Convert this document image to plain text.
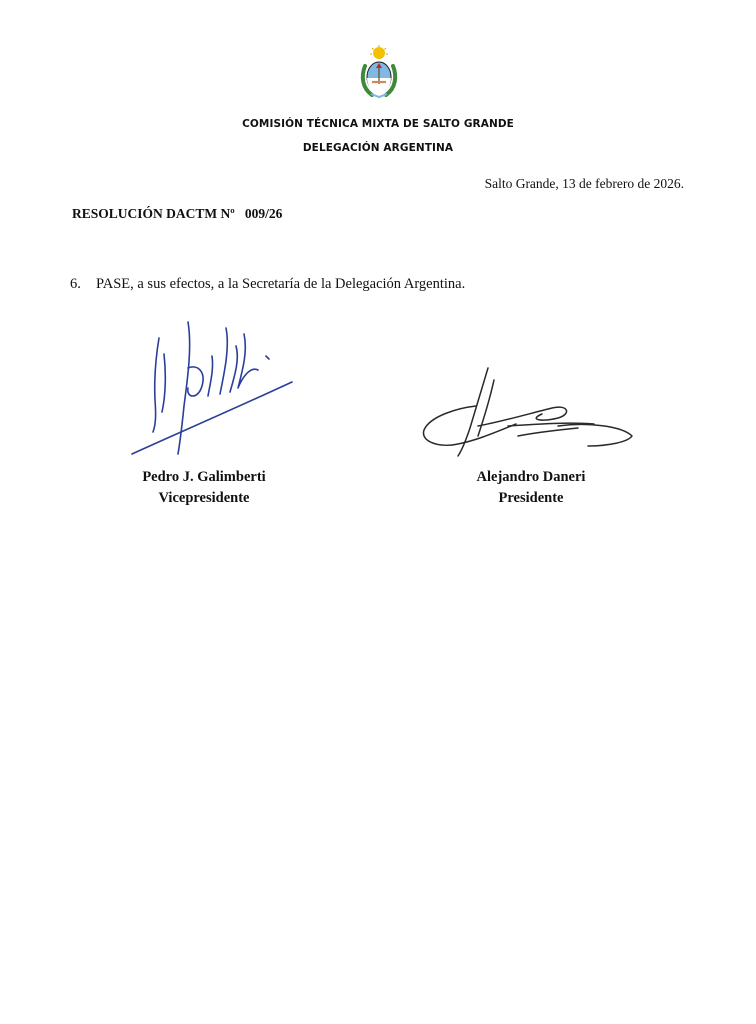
COMISIÓN TÉCNICA MIXTA DE SALTO GRANDE
DELEGACIÓN ARGENTINA
Salto Grande, 13 de febrero de 2026.
RESOLUCIÓN DACTM Nº 009/26
6. PASE, a sus efectos, a la Secretaría de la Delegación Argentina.
Pedro J. Galimberti
Vicepresidente
Alejandro Daneri
Presidente
